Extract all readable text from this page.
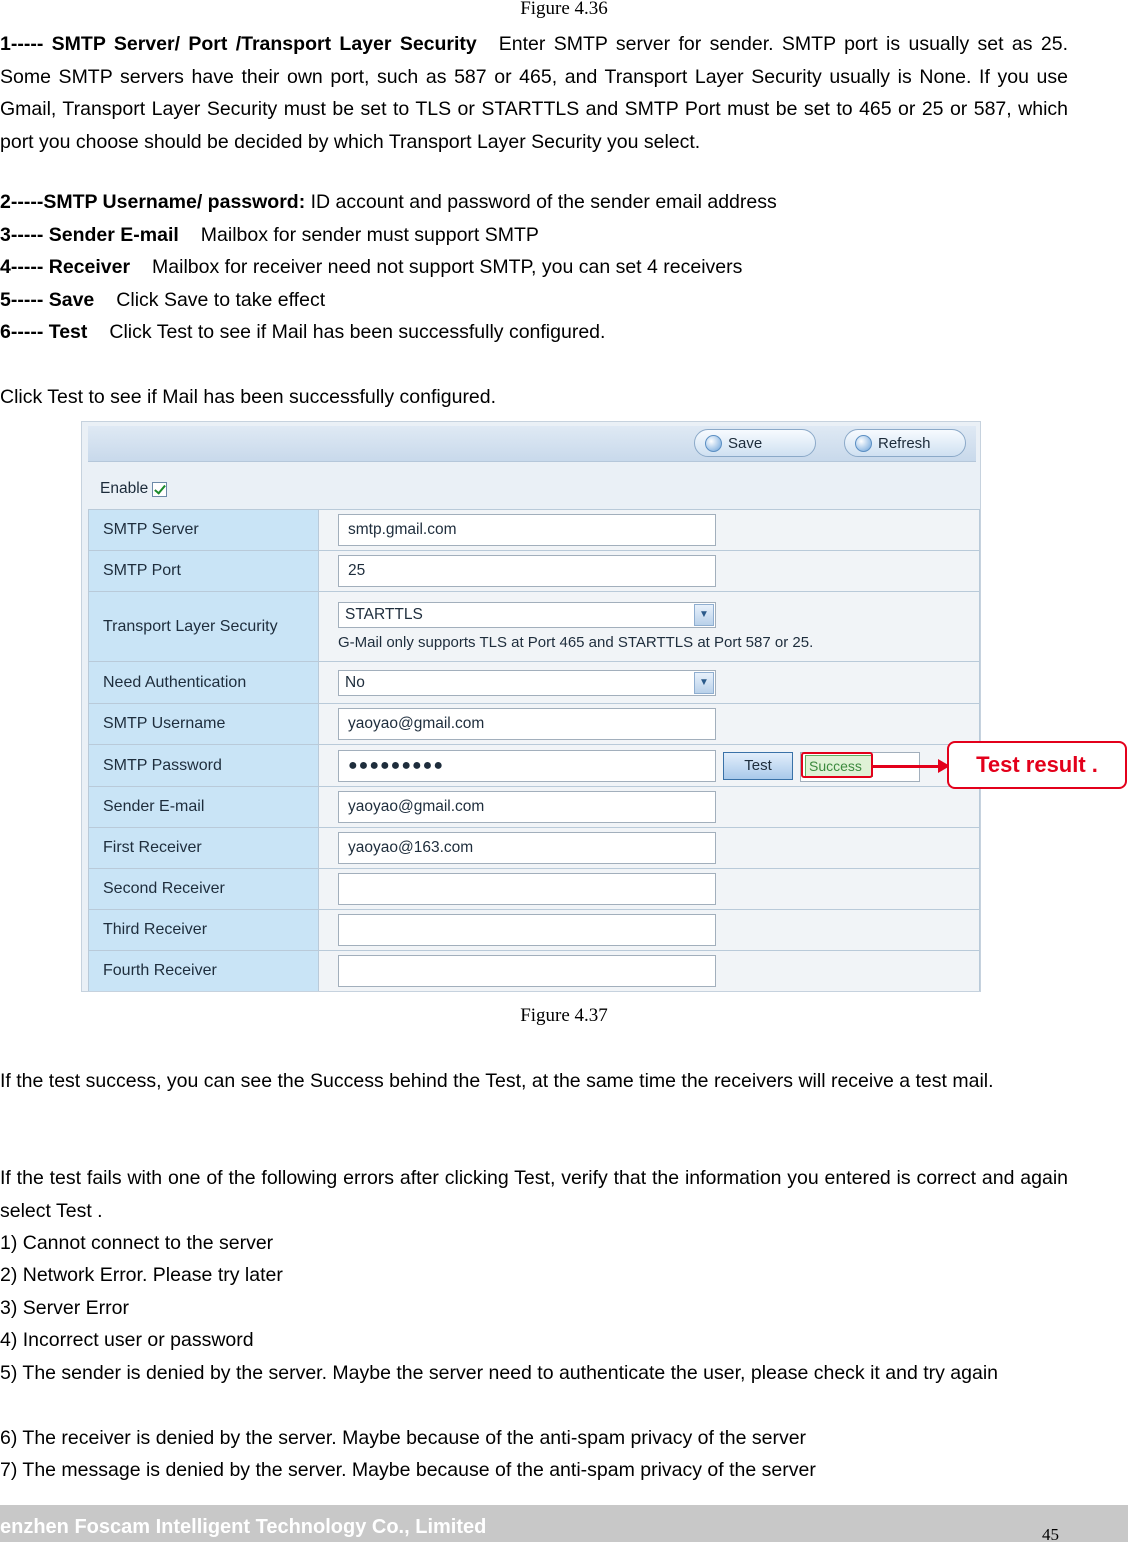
Figure 4.36
1----- SMTP Server/ Port /Transport Layer Security Enter SMTP server for sender. SMTP port is usually set as 25. Some SMTP servers have their own port, such as 587 or 465, and Transport Layer Security usually is None. If you use Gmail, Transport Layer Security must be set to TLS or STARTTLS and SMTP Port must be set to 465 or 25 or 587, which port you choose should be decided by which Transport Layer Security you select.
2-----SMTP Username/ password: ID account and password of the sender email address
3----- Sender E-mail Mailbox for sender must support SMTP
4----- Receiver Mailbox for receiver need not support SMTP, you can set 4 receivers
5----- Save Click Save to take effect
6----- Test Click Test to see if Mail has been successfully configured.
Click Test to see if Mail has been successfully configured.
Save	Refresh
Enable
SMTP Server	smtp.gmail.com

SMTP Port	25

Transport Layer Security	STARTTLS ▼
G-Mail only supports TLS at Port 465 and STARTTLS at Port 587 or 25.

Need Authentication	No ▼

SMTP Username	yaoyao@gmail.com

SMTP Password	●●●●●●●●● Test Success

Sender E-mail	yaoyao@gmail.com

First Receiver	yaoyao@163.com

Second Receiver	

Third Receiver	

Fourth Receiver	
Test result .
Figure 4.37
If the test success, you can see the Success behind the Test, at the same time the receivers will receive a test mail.
If the test fails with one of the following errors after clicking Test, verify that the information you entered is correct and again select Test .
1) Cannot connect to the server
2) Network Error. Please try later
3) Server Error
4) Incorrect user or password
5) The sender is denied by the server. Maybe the server need to authenticate the user, please check it and try again
6) The receiver is denied by the server. Maybe because of the anti-spam privacy of the server
7) The message is denied by the server. Maybe because of the anti-spam privacy of the server
enzhen Foscam Intelligent Technology Co., Limited	45
